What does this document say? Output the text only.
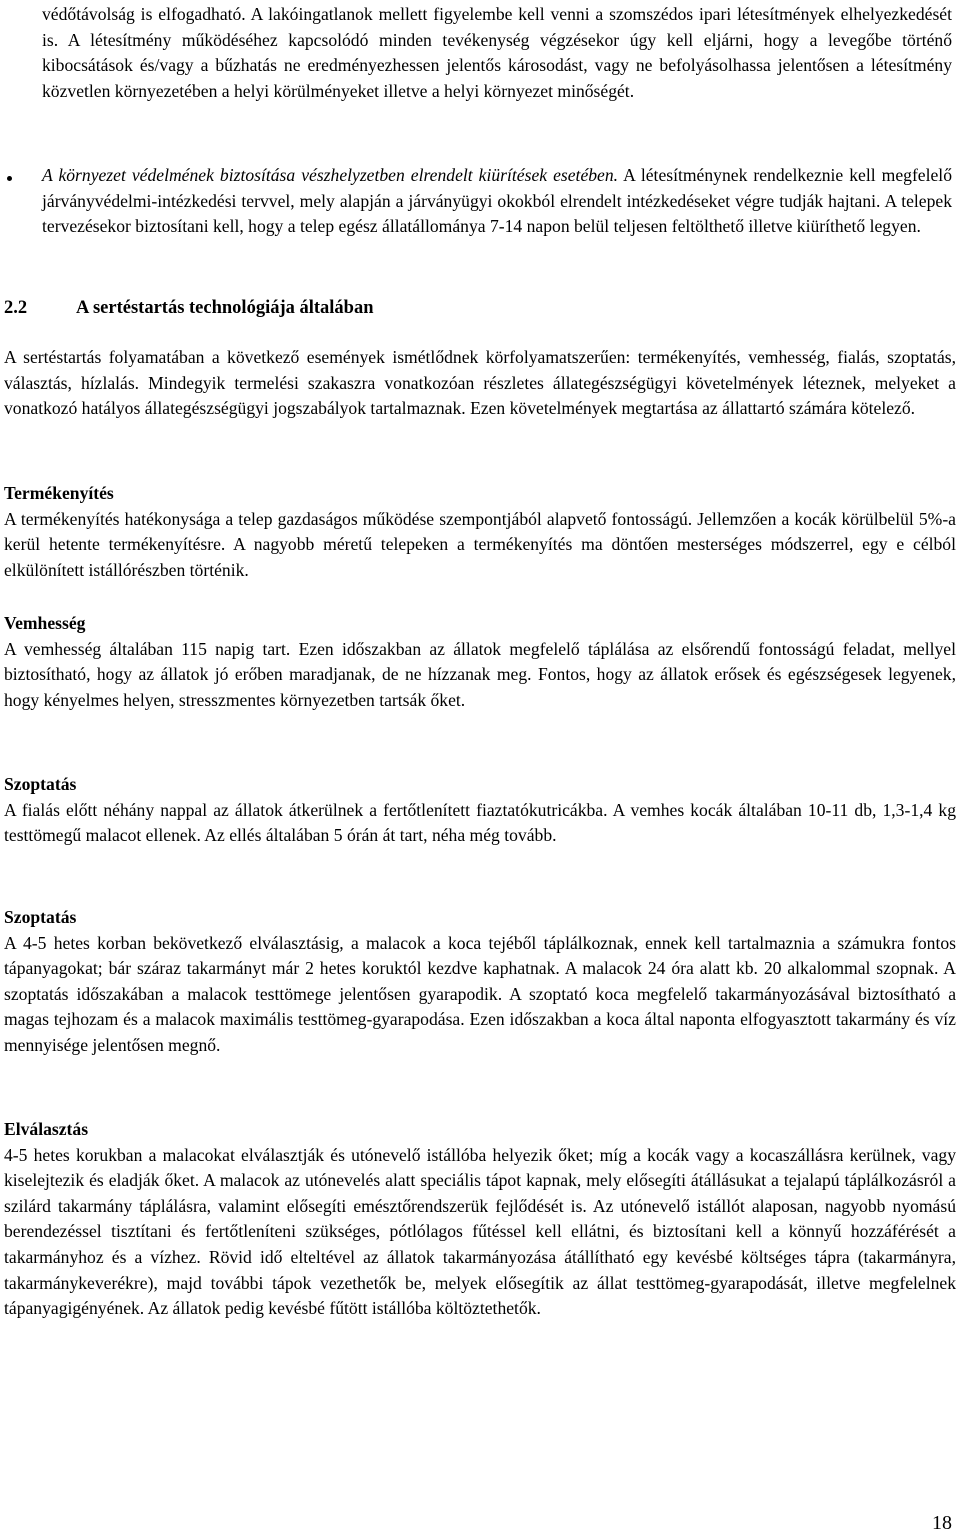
védőtávolság is elfogadható. A lakóingatlanok mellett figyelembe kell venni a szomszédos ipari létesítmények elhelyezkedését is. A létesítmény működéséhez kapcsolódó minden tevékenység végzésekor úgy kell eljárni, hogy a levegőbe történő kibocsátások és/vagy a bűzhatás ne eredményezhessen jelentős károsodást, vagy ne befolyásolhassa jelentősen a létesítmény közvetlen környezetében a helyi körülményeket illetve a helyi környezet minőségét.

A környezet védelmének biztosítása vészhelyzetben elrendelt kiürítések esetében. A létesítménynek rendelkeznie kell megfelelő járványvédelmi-intézkedési tervvel, mely alapján a járványügyi okokból elrendelt intézkedéseket végre tudják hajtani. A telepek tervezésekor biztosítani kell, hogy a telep egész állatállománya 7-14 napon belül teljesen feltölthető illetve kiüríthető legyen.

2.2	A sertéstartás technológiája általában

A sertéstartás folyamatában a következő események ismétlődnek körfolyamatszerűen: termékenyítés, vemhesség, fialás, szoptatás, választás, hízlalás. Mindegyik termelési szakaszra vonatkozóan részletes állategészségügyi követelmények léteznek, melyeket a vonatkozó hatályos állategészségügyi jogszabályok tartalmaznak. Ezen követelmények megtartása az állattartó számára kötelező.

Termékenyítés

A termékenyítés hatékonysága a telep gazdaságos működése szempontjából alapvető fontosságú. Jellemzően a kocák körülbelül 5%-a kerül hetente termékenyítésre. A nagyobb méretű telepeken a termékenyítés ma döntően mesterséges módszerrel, egy e célból elkülönített istállórészben történik.

Vemhesség

A vemhesség általában 115 napig tart. Ezen időszakban az állatok megfelelő táplálása az elsőrendű fontosságú feladat, mellyel biztosítható, hogy az állatok jó erőben maradjanak, de ne hízzanak meg. Fontos, hogy az állatok erősek és egészségesek legyenek, hogy kényelmes helyen, stresszmentes környezetben tartsák őket.

Szoptatás

A fialás előtt néhány nappal az állatok átkerülnek a fertőtlenített fiaztatókutricákba. A vemhes kocák általában 10-11 db, 1,3-1,4 kg testtömegű malacot ellenek. Az ellés általában 5 órán át tart, néha még tovább.

Szoptatás

A 4-5 hetes korban bekövetkező elválasztásig, a malacok a koca tejéből táplálkoznak, ennek kell tartalmaznia a számukra fontos tápanyagokat; bár száraz takarmányt már 2 hetes koruktól kezdve kaphatnak. A malacok 24 óra alatt kb. 20 alkalommal szopnak. A szoptatás időszakában a malacok testtömege jelentősen gyarapodik. A szoptató koca megfelelő takarmányozásával biztosítható a magas tejhozam és a malacok maximális testtömeg-gyarapodása. Ezen időszakban a koca által naponta elfogyasztott takarmány és víz mennyisége jelentősen megnő.

Elválasztás

4-5 hetes korukban a malacokat elválasztják és utónevelő istállóba helyezik őket; míg a kocák vagy a kocaszállásra kerülnek, vagy kiselejtezik és eladják őket. A malacok az utónevelés alatt speciális tápot kapnak, mely elősegíti átállásukat a tejalapú táplálkozásról a szilárd takarmány táplálásra, valamint elősegíti emésztőrendszerük fejlődését is. Az utónevelő istállót alaposan, nagyobb nyomású berendezéssel tisztítani és fertőtleníteni szükséges, pótlólagos fűtéssel kell ellátni, és biztosítani kell a könnyű hozzáférését a takarmányhoz és a vízhez. Rövid idő elteltével az állatok takarmányozása átállítható egy kevésbé költséges tápra (takarmányra, takarmánykeverékre), majd további tápok vezethetők be, melyek elősegítik az állat testtömeg-gyarapodását, illetve megfelelnek tápanyagigényének. Az állatok pedig kevésbé fűtött istállóba költöztethetők.

18
